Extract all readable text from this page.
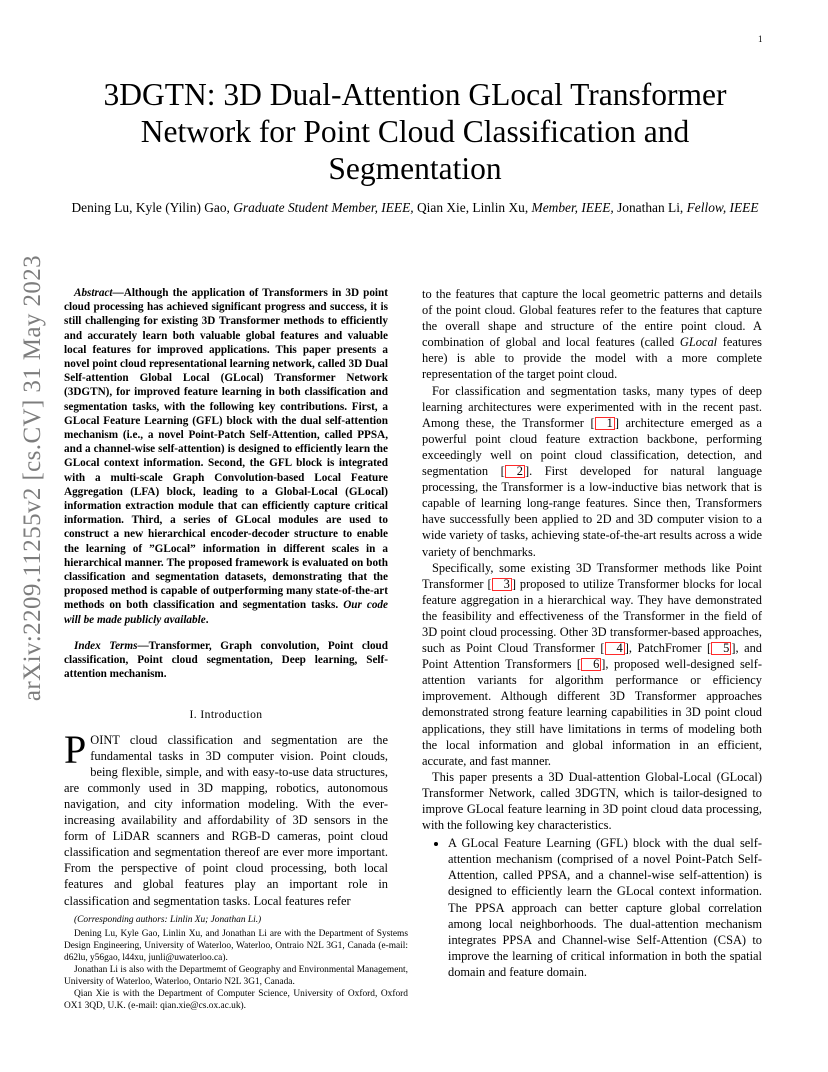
1
arXiv:2209.11255v2 [cs.CV] 31 May 2023
3DGTN: 3D Dual-Attention GLocal Transformer Network for Point Cloud Classification and Segmentation
Dening Lu, Kyle (Yilin) Gao, Graduate Student Member, IEEE, Qian Xie, Linlin Xu, Member, IEEE, Jonathan Li, Fellow, IEEE

Abstract—Although the application of Transformers in 3D point cloud processing has achieved significant progress and success, it is still challenging for existing 3D Transformer methods to efficiently and accurately learn both valuable global features and valuable local features for improved applications. This paper presents a novel point cloud representational learning network, called 3D Dual Self-attention Global Local (GLocal) Transformer Network (3DGTN), for improved feature learning in both classification and segmentation tasks, with the following key contributions. First, a GLocal Feature Learning (GFL) block with the dual self-attention mechanism (i.e., a novel Point-Patch Self-Attention, called PPSA, and a channel-wise self-attention) is designed to efficiently learn the GLocal context information. Second, the GFL block is integrated with a multi-scale Graph Convolution-based Local Feature Aggregation (LFA) block, leading to a Global-Local (GLocal) information extraction module that can efficiently capture critical information. Third, a series of GLocal modules are used to construct a new hierarchical encoder-decoder structure to enable the learning of ”GLocal” information in different scales in a hierarchical manner. The proposed framework is evaluated on both classification and segmentation datasets, demonstrating that the proposed method is capable of outperforming many state-of-the-art methods on both classification and segmentation tasks. Our code will be made publicly available.

Index Terms—Transformer, Graph convolution, Point cloud classification, Point cloud segmentation, Deep learning, Self-attention mechanism.

I. Introduction

POINT cloud classification and segmentation are the fundamental tasks in 3D computer vision. Point clouds, being flexible, simple, and with easy-to-use data structures, are commonly used in 3D mapping, robotics, autonomous navigation, and city information modeling. With the ever-increasing availability and affordability of 3D sensors in the form of LiDAR scanners and RGB-D cameras, point cloud classification and segmentation thereof are ever more important. From the perspective of point cloud processing, both local features and global features play an important role in classification and segmentation tasks. Local features refer

(Corresponding authors: Linlin Xu; Jonathan Li.)

Dening Lu, Kyle Gao, Linlin Xu, and Jonathan Li are with the Department of Systems Design Engineering, University of Waterloo, Waterloo, Ontraio N2L 3G1, Canada (e-mail: d62lu, y56gao, l44xu, junli@uwaterloo.ca).

Jonathan Li is also with the Departmemt of Geography and Environmental Management, University of Waterloo, Waterloo, Ontario N2L 3G1, Canada.

Qian Xie is with the Department of Computer Science, University of Oxford, Oxford OX1 3QD, U.K. (e-mail: qian.xie@cs.ox.ac.uk).

to the features that capture the local geometric patterns and details of the point cloud. Global features refer to the features that capture the overall shape and structure of the entire point cloud. A combination of global and local features (called GLocal features here) is able to provide the model with a more complete representation of the target point cloud.

For classification and segmentation tasks, many types of deep learning architectures were experimented with in the recent past. Among these, the Transformer [ 1 ] architecture emerged as a powerful point cloud feature extraction backbone, performing exceedingly well on point cloud classification, detection, and segmentation [ 2 ]. First developed for natural language processing, the Transformer is a low-inductive bias network that is capable of learning long-range features. Since then, Transformers have successfully been applied to 2D and 3D computer vision to a wide variety of tasks, achieving state-of-the-art results across a wide variety of benchmarks.

Specifically, some existing 3D Transformer methods like Point Transformer [ 3 ] proposed to utilize Transformer blocks for local feature aggregation in a hierarchical way. They have demonstrated the feasibility and effectiveness of the Transformer in the field of 3D point cloud processing. Other 3D transformer-based approaches, such as Point Cloud Transformer [ 4 ], PatchFromer [ 5 ], and Point Attention Transformers [ 6 ], proposed well-designed self-attention variants for algorithm performance or efficiency improvement. Although different 3D Transformer approaches demonstrated strong feature learning capabilities in 3D point cloud applications, they still have limitations in terms of modeling both the local information and global information in an efficient, accurate, and fast manner.

This paper presents a 3D Dual-attention Global-Local (GLocal) Transformer Network, called 3DGTN, which is tailor-designed to improve GLocal feature learning in 3D point cloud data processing, with the following key characteristics.

• A GLocal Feature Learning (GFL) block with the dual self-attention mechanism (comprised of a novel Point-Patch Self-Attention, called PPSA, and a channel-wise self-attention) is designed to efficiently learn the GLocal context information. The PPSA approach can better capture global correlation among local neighborhoods. The dual-attention mechanism integrates PPSA and Channel-wise Self-Attention (CSA) to improve the learning of critical information in both the spatial domain and feature domain.
